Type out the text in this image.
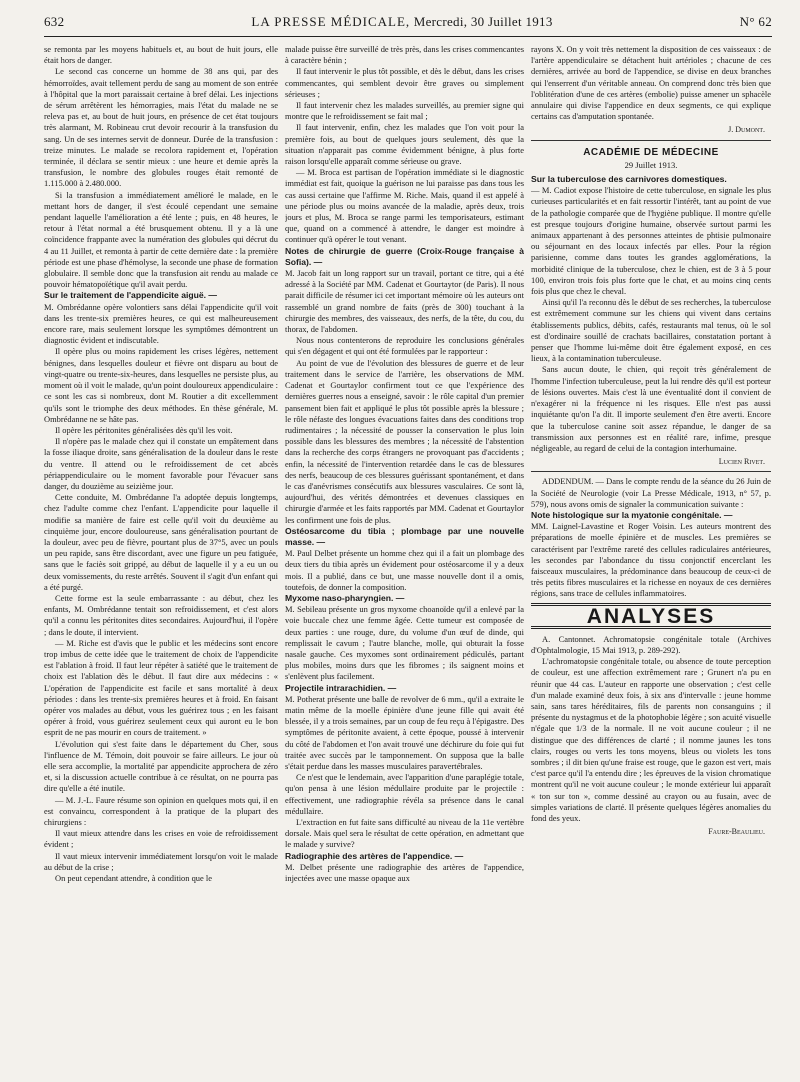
632	LA PRESSE MÉDICALE, Mercredi, 30 Juillet 1913	N° 62

se remonta par les moyens habituels et, au bout de huit jours, elle était hors de danger.

Le second cas concerne un homme de 38 ans qui, par des hémorroïdes, avait tellement perdu de sang au moment de son entrée à l'hôpital que la mort paraissait certaine à bref délai. Les injections de sérum arrêtèrent les hémorragies, mais l'état du malade ne se releva pas et, au bout de huit jours, en présence de cet état toujours très alarmant, M. Robineau crut devoir recourir à la transfusion du sang. Un de ses internes servit de donneur. Durée de la transfusion : treize minutes. Le malade se recolora rapidement et, l'opération terminée, il déclara se sentir mieux : une heure et demie après la transfusion, le nombre des globules rouges était remonté de 1.115.000 à 2.480.000.

Si la transfusion a immédiatement amélioré le malade, en le mettant hors de danger, il s'est écoulé cependant une semaine pendant laquelle l'amélioration a été lente ; puis, en 48 heures, le retour à l'état normal a été brusquement obtenu. Il y a là une coïncidence frappante avec la numération des globules qui décrut du 4 au 11 Juillet, et remonta à partir de cette dernière date : la première période est une phase d'hémolyse, la seconde une phase de formation globulaire. Il semble donc que la transfusion ait rendu au malade ce pouvoir hématopoïétique qu'il avait perdu.

Sur le traitement de l'appendicite aiguë. —

M. Ombrédanne opère volontiers sans délai l'appendicite qu'il voit dans les trente-six premières heures, ce qui est malheureusement encore rare, mais seulement lorsque les symptômes démontrent un diagnostic évident et indiscutable.

Il opère plus ou moins rapidement les crises légères, nettement bénignes, dans lesquelles douleur et fièvre ont disparu au bout de vingt-quatre ou trente-six-heures, dans lesquelles ne persiste plus, au moment où il voit le malade, qu'un point douloureux appendiculaire : ce sont les cas si nombreux, dont M. Routier a dit excellemment qu'ils sont le triomphe des deux méthodes. En thèse générale, M. Ombrédanne ne se hâte pas.

Il opère les péritonites généralisées dès qu'il les voit.

Il n'opère pas le malade chez qui il constate un empâtement dans la fosse iliaque droite, sans généralisation de la douleur dans le reste du ventre. Il attend ou le refroidissement de cet abcès périappendiculaire ou le moment favorable pour l'évacuer sans danger, du douzième au seizième jour.

Cette conduite, M. Ombrédanne l'a adoptée depuis longtemps, chez l'adulte comme chez l'enfant. L'appendicite pour laquelle il modifie sa manière de faire est celle qu'il voit du deuxième au cinquième jour, encore douloureuse, sans généralisation pourtant de la douleur, avec peu de fièvre, pourtant plus de 37°5, avec un pouls un peu rapide, sans être discordant, avec une figure un peu fatiguée, sans que le faciès soit grippé, au début de laquelle il y a eu un ou deux vomissements, du reste arrêtés. Souvent il s'agit d'un enfant qui a été purgé.

Cette forme est la seule embarrassante : au début, chez les enfants, M. Ombrédanne tentait son refroidissement, et c'est alors qu'il a connu les péritonites dites secondaires. Aujourd'hui, il l'opère ; dans le doute, il intervient.

— M. Riche est d'avis que le public et les médecins sont encore trop imbus de cette idée que le traitement de choix de l'appendicite est l'ablation à froid. Il faut leur répéter à satiété que le traitement de choix est l'ablation dès le début. Il faut dire aux médecins : « L'opération de l'appendicite est facile et sans mortalité à deux périodes : dans les trente-six premières heures et à froid. En faisant opérer vos malades au début, vous les guérirez tous ; en les faisant opérer à froid, vous guérirez seulement ceux qui auront eu le bon esprit de ne pas mourir en cours de traitement. »

L'évolution qui s'est faite dans le département du Cher, sous l'influence de M. Témoin, doit pouvoir se faire ailleurs. Le jour où elle sera accomplie, la mortalité par appendicite approchera de zéro et, si la discussion actuelle contribue à ce résultat, on ne pourra pas dire qu'elle a été inutile.

— M. J.-L. Faure résume son opinion en quelques mots qui, il en est convaincu, correspondent à la pratique de la plupart des chirurgiens :

Il vaut mieux attendre dans les crises en voie de refroidissement évident ;

Il vaut mieux intervenir immédiatement lorsqu'on voit le malade au début de la crise ;

On peut cependant attendre, à condition que le

malade puisse être surveillé de très près, dans les crises commencantes à caractère bénin ;

Il faut intervenir le plus tôt possible, et dès le début, dans les crises commencantes, qui semblent devoir être graves ou simplement sérieuses ;

Il faut intervenir chez les malades surveillés, au premier signe qui montre que le refroidissement se fait mal ;

Il faut intervenir, enfin, chez les malades que l'on voit pour la première fois, au bout de quelques jours seulement, dès que la situation n'apparait pas comme évidemment bénigne, à plus forte raison lorsqu'elle apparaît comme sérieuse ou grave.

— M. Broca est partisan de l'opération immédiate si le diagnostic immédiat est fait, quoique la guérison ne lui paraisse pas dans tous les cas aussi certaine que l'affirme M. Riche. Mais, quand il est appelé à une période plus ou moins avancée de la maladie, après deux, trois jours et plus, M. Broca se range parmi les temporisateurs, estimant que, quand on a commencé à attendre, le danger est moindre à continuer qu'à opérer le tout venant.

Notes de chirurgie de guerre (Croix-Rouge française à Sofia). —

M. Jacob fait un long rapport sur un travail, portant ce titre, qui a été adressé à la Société par MM. Cadenat et Gourtaytor (de Paris). Il nous parait difficile de résumer ici cet important mémoire où les auteurs ont rassemblé un grand nombre de faits (près de 300) touchant à la chirurgie des membres, des vaisseaux, des nerfs, de la tête, du cou, du thorax, de l'abdomen.

Nous nous contenterons de reproduire les conclusions générales qui s'en dégagent et qui ont été formulées par le rapporteur :

Au point de vue de l'évolution des blessures de guerre et de leur traitement dans le service de l'arrière, les observations de MM. Cadenat et Gourtaylor confirment tout ce que l'expérience des dernières guerres nous a enseigné, savoir : le rôle capital d'un premier pansement bien fait et appliqué le plus tôt possible après la blessure ; le rôle néfaste des longues évacuations faites dans des conditions trop rudimentaires ; la nécessité de pousser la conservation le plus loin possible dans les blessures des membres ; la nécessité de l'abstention dans la recherche des corps étrangers ne provoquant pas d'accidents ; enfin, la nécessité de l'intervention retardée dans le cas de blessures des nerfs, beaucoup de ces blessures guérissant spontanément, et dans le cas d'anévrismes consécutifs aux blessures vasculaires. Ce sont là, aujourd'hui, des vérités démontrées et devenues classiques en chirurgie d'armée et les faits rapportés par MM. Cadenat et Gourtaylor les confirment une fois de plus.

Ostéosarcome du tibia ; plombage par une nouvelle masse. —

M. Paul Delbet présente un homme chez qui il a fait un plombage des deux tiers du tibia après un évidement pour ostéosarcome il y a deux mois. Il a publié, dans ce but, une masse nouvelle dont il a omis, toutefois, de donner la composition.

Myxome naso-pharyngien. —

M. Sebileau présente un gros myxome choanoïde qu'il a enlevé par la voie buccale chez une femme âgée. Cette tumeur est composée de deux parties : une rouge, dure, du volume d'un œuf de dinde, qui remplissait le cavum ; l'autre blanche, molle, qui obturait la fosse nasale gauche. Ces myxomes sont ordinairement pédiculés, partant plus mobiles, moins durs que les fibromes ; ils saignent moins et s'enlèvent plus facilement.

Projectile intrarachidien. —

M. Potherat présente une balle de revolver de 6 mm., qu'il a extraite le matin même de la moelle épinière d'une jeune fille qui avait été blessée, il y a trois semaines, par un coup de feu reçu à l'épigastre. Des symptômes de péritonite avaient, à cette époque, poussé à intervenir du côté de l'abdomen et l'on avait trouvé une déchirure du foie qui fut traitée avec succès par le tamponnement. On supposa que la balle s'était perdue dans les masses musculaires paravertébrales.

Ce n'est que le lendemain, avec l'apparition d'une paraplégie totale, qu'on pensa à une lésion médullaire produite par le projectile : effectivement, une radiographie révéla sa présence dans le canal médullaire.

L'extraction en fut faite sans difficulté au niveau de la 11e vertèbre dorsale. Mais quel sera le résultat de cette opération, en admettant que le malade y survive?

Radiographie des artères de l'appendice. —

M. Delbet présente une radiographie des artères de l'appendice, injectées avec une masse opaque aux

rayons X. On y voit très nettement la disposition de ces vaisseaux : de l'artère appendiculaire se détachent huit artérioles ; chacune de ces dernières, arrivée au bord de l'appendice, se divise en deux branches qui l'enserrent d'un véritable anneau. On comprend donc très bien que l'oblitération d'une de ces artères (embolie) puisse amener un sphacèle annulaire qui divise l'appendice en deux segments, ce qui explique certains cas d'amputation spontanée.

J. Dumont.
ACADÉMIE DE MÉDECINE
29 Juillet 1913.

Sur la tuberculose des carnivores domestiques.

— M. Cadiot expose l'histoire de cette tuberculose, en signale les plus curieuses particularités et en fait ressortir l'intérêt, tant au point de vue de la pathologie comparée que de l'hygiène publique. Il montre qu'elle est presque toujours d'origine humaine, observée surtout parmi les animaux appartenant à des personnes atteintes de phtisie pulmonaire ou séjournant en des locaux infectés par elles. Pour la région parisienne, comme dans toutes les grandes agglomérations, la morbidité clinique de la tuberculose, chez le chien, est de 3 à 5 pour 100, environ trois fois plus forte que le chat, et au moins cinq cents fois plus que chez le cheval.

Ainsi qu'il l'a reconnu dès le début de ses recherches, la tuberculose est extrêmement commune sur les chiens qui vivent dans certains établissements publics, débits, cafés, restaurants mal tenus, où le sol est d'ordinaire souillé de crachats bacillaires, constatation portant à penser que l'homme lui-même doit être également exposé, en ces lieux, à la contamination tuberculeuse.

Sans aucun doute, le chien, qui reçoit très généralement de l'homme l'infection tuberculeuse, peut la lui rendre dès qu'il est porteur de lésions ouvertes. Mais c'est là une éventualité dont il convient de n'exagérer ni la fréquence ni les risques. Elle n'est pas aussi inquiétante qu'on l'a dit. Il importe seulement d'en être averti. Encore que la tuberculose canine soit assez répandue, le danger de sa transmission aux personnes est en réalité rare, infime, presque négligeable, au regard de celui de la contagion interhumaine.

Lucien Rivet.

ADDENDUM. — Dans le compte rendu de la séance du 26 Juin de la Société de Neurologie (voir La Presse Médicale, 1913, n° 57, p. 579), nous avons omis de signaler la communication suivante :

Note histologique sur la myatonie congénitale. —

MM. Laignel-Lavastine et Roger Voisin. Les auteurs montrent des préparations de moelle épinière et de muscles. Les premières se caractérisent par l'extrême rareté des cellules radiculaires antérieures, les secondes par l'abondance du tissu conjonctif encerclant les faisceaux musculaires, la prédominance dans beaucoup de ceux-ci de très petits fibres musculaires et la richesse en noyaux de ces dernières régions, sans trace de cellules inflammatoires.

ANALYSES

A. Cantonnet. Achromatopsie congénitale totale (Archives d'Ophtalmologie, 15 Mai 1913, p. 289-292).

L'achromatopsie congénitale totale, ou absence de toute perception de couleur, est une affection extrêmement rare ; Grunert n'a pu en réunir que 44 cas. L'auteur en rapporte une observation ; c'est celle d'un malade examiné deux fois, à six ans d'intervalle : jeune homme sain, sans tares héréditaires, fils de parents non consanguins ; il présente du nystagmus et de la photophobie légère ; son acuité visuelle n'égale que 1/3 de la normale. Il ne voit aucune couleur ; il ne distingue que des différences de clarté ; il nomme jaunes les tons clairs, rouges ou verts les tons moyens, bleus ou violets les tons sombres ; il dit bien qu'une fraise est rouge, que le gazon est vert, mais c'est parce qu'il l'a entendu dire ; les épreuves de la vision chromatique montrent qu'il ne voit aucune couleur ; le monde extérieur lui apparaît « ton sur ton », comme dessiné au crayon ou au fusain, avec de simples variations de clarté. Il présente quelques légères anomalies du fond des yeux.

Faure-Beaulieu.
